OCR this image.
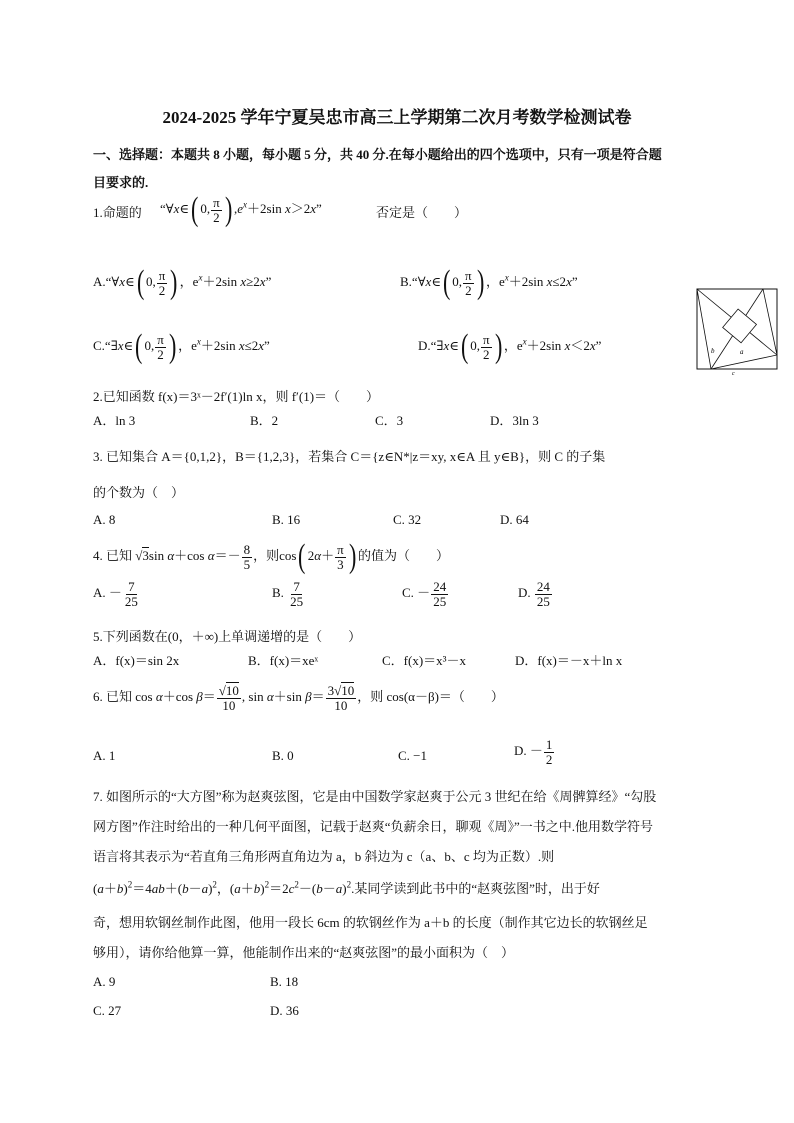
2024-2025 学年宁夏吴忠市高三上学期第二次月考数学检测试卷
一、选择题：本题共 8 小题，每小题 5 分，共 40 分.在每小题给出的四个选项中，只有一项是符合题
目要求的.
1.命题的 “∀x∈( 0, $\frac{\pi}{2}$ ) $,e^x+2\sin$ x＞2x”	否定是（　　）
A.“∀x∈( 0, $\frac{\pi}{2}$ ) ，$e^x+2\sin$ x≥2x”	B.“∀x∈( 0, $\frac{\pi}{2}$ ) ，$e^x+2\sin$ x≤2x”
C.“∃x∈( 0, $\frac{\pi}{2}$ ) ，$e^x+2\sin$ x≤2x”	D.“∃x∈( 0, $\frac{\pi}{2}$ ) ，$e^x+2\sin$ x＜2x”	b	a
c
2.已知函数 f(x)＝3ˣ－2f′(1)ln x，则 f′(1)＝（　　）
A．ln 3	B．2	C．3	D．3ln 3
3. 已知集合 A＝{0,1,2}，B＝{1,2,3}，若集合 C＝{z∈N*|z＝xy, x∈A 且 y∈B}，则 C 的子集
的个数为（　）
A. 8	B. 16	C. 32	D. 64
4. 已知 √3sin α＋cos $\alpha=- \frac{8}{5}$ ，则cos( $2\alpha+ \frac{\pi}{3}$ ) 的值为（　　）
A. － $\frac{7}{25}$	B. $\frac{7}{25}$	C. － $\frac{24}{25}$	D. $\frac{24}{25}$
5.下列函数在(0，＋∞)上单调递增的是（　　）
A．f(x)＝sin 2x	B．f(x)＝xeˣ	C．f(x)＝x³－x	D．f(x)＝－x＋ln x
6. 已知 cos α＋cos $\beta= \frac{√10}{10}$ , sin α＋sin $\beta= \frac{3√10}{10}$ ，则 cos(α－β)＝（　　）
A. 1	B. 0	C. −1	D. － $\frac{1}{2}$
7. 如图所示的“大方图”称为赵爽弦图，它是由中国数学家赵爽于公元 3 世纪在给《周髀算经》“勾股
网方图”作注时给出的一种几何平面图，记载于赵爽“负薪余日，聊观《周》”一书之中.他用数学符号
语言将其表示为“若直角三角形两直角边为 a，b 斜边为 c（a、b、c 均为正数）.则
$(a+b)^2=4ab+(b-a)^2$，$(a+b)^2=2c^2-(b-a)^2$.某同学读到此书中的“赵爽弦图”时，出于好
奇，想用软钢丝制作此图，他用一段长 6cm 的软钢丝作为 a＋b 的长度（制作其它边长的软钢丝足
够用），请你给他算一算，他能制作出来的“赵爽弦图”的最小面积为（　）
A. 9	B. 18
C. 27	D. 36
